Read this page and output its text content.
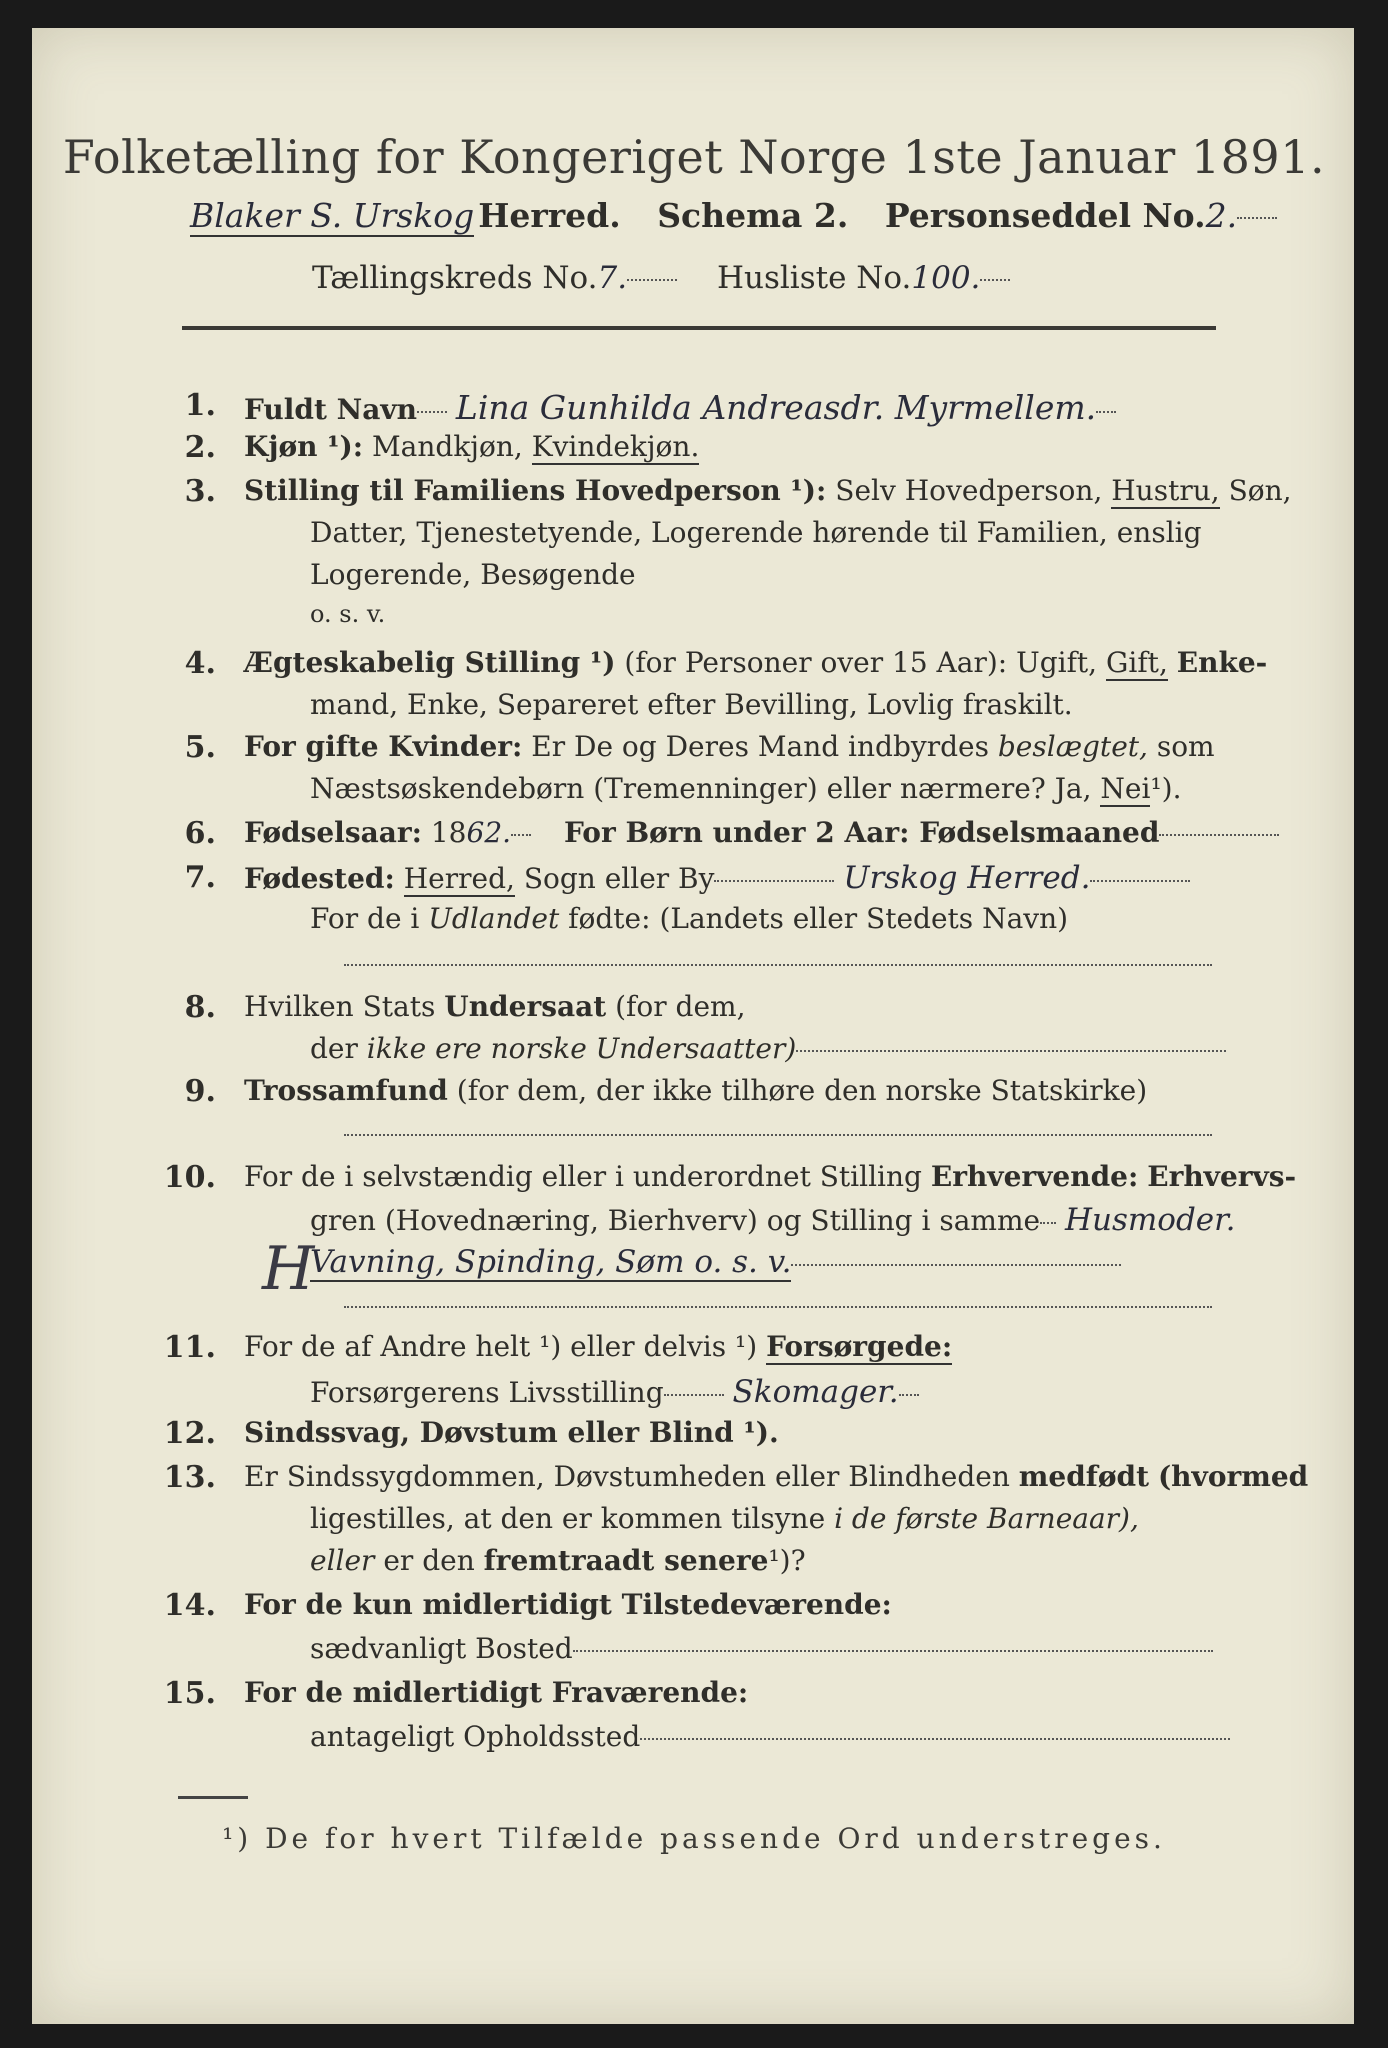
Folketælling for Kongeriget Norge 1ste Januar 1891.
Blaker S. Urskog Herred. Schema 2. Personseddel No.2.
Tællingskreds No.7.	Husliste No.100.
1. Fuldt Navn Lina Gunhilda Andreasdr. Myrmellem.
2. Kjøn ¹): Mandkjøn, Kvindekjøn.
3. Stilling til Familiens Hovedperson ¹): Selv Hovedperson, Hustru, Søn,
Datter, Tjenestetyende, Logerende hørende til Familien, enslig
Logerende, Besøgende
o. s. v.
4. Ægteskabelig Stilling ¹) (for Personer over 15 Aar): Ugift, Gift, Enke-
mand, Enke, Separeret efter Bevilling, Lovlig fraskilt.
5. For gifte Kvinder: Er De og Deres Mand indbyrdes beslægtet, som
Næstsøskendebørn (Tremenninger) eller nærmere? Ja, Nei¹).
6. Fødselsaar: 1862. For Børn under 2 Aar: Fødselsmaaned
7. Fødested: Herred, Sogn eller By	Urskog Herred.
For de i Udlandet fødte: (Landets eller Stedets Navn)
8. Hvilken Stats Undersaat (for dem,
der ikke ere norske Undersaatter)
9. Trossamfund (for dem, der ikke tilhøre den norske Statskirke)
10. For de i selvstændig eller i underordnet Stilling Erhvervende: Erhvervs-
gren (Hovednæring, Bierhverv) og Stilling i samme Husmoder.
Vavning, Spinding, Søm o. s. v.
H
11. For de af Andre helt ¹) eller delvis ¹) Forsørgede:
Forsørgerens Livsstilling Skomager.
12. Sindssvag, Døvstum eller Blind ¹).
13. Er Sindssygdommen, Døvstumheden eller Blindheden medfødt (hvormed
ligestilles, at den er kommen tilsyne i de første Barneaar),
eller er den fremtraadt senere¹)?
14. For de kun midlertidigt Tilstedeværende:
sædvanligt Bosted
15. For de midlertidigt Fraværende:
antageligt Opholdssted
¹) De for hvert Tilfælde passende Ord understreges.
